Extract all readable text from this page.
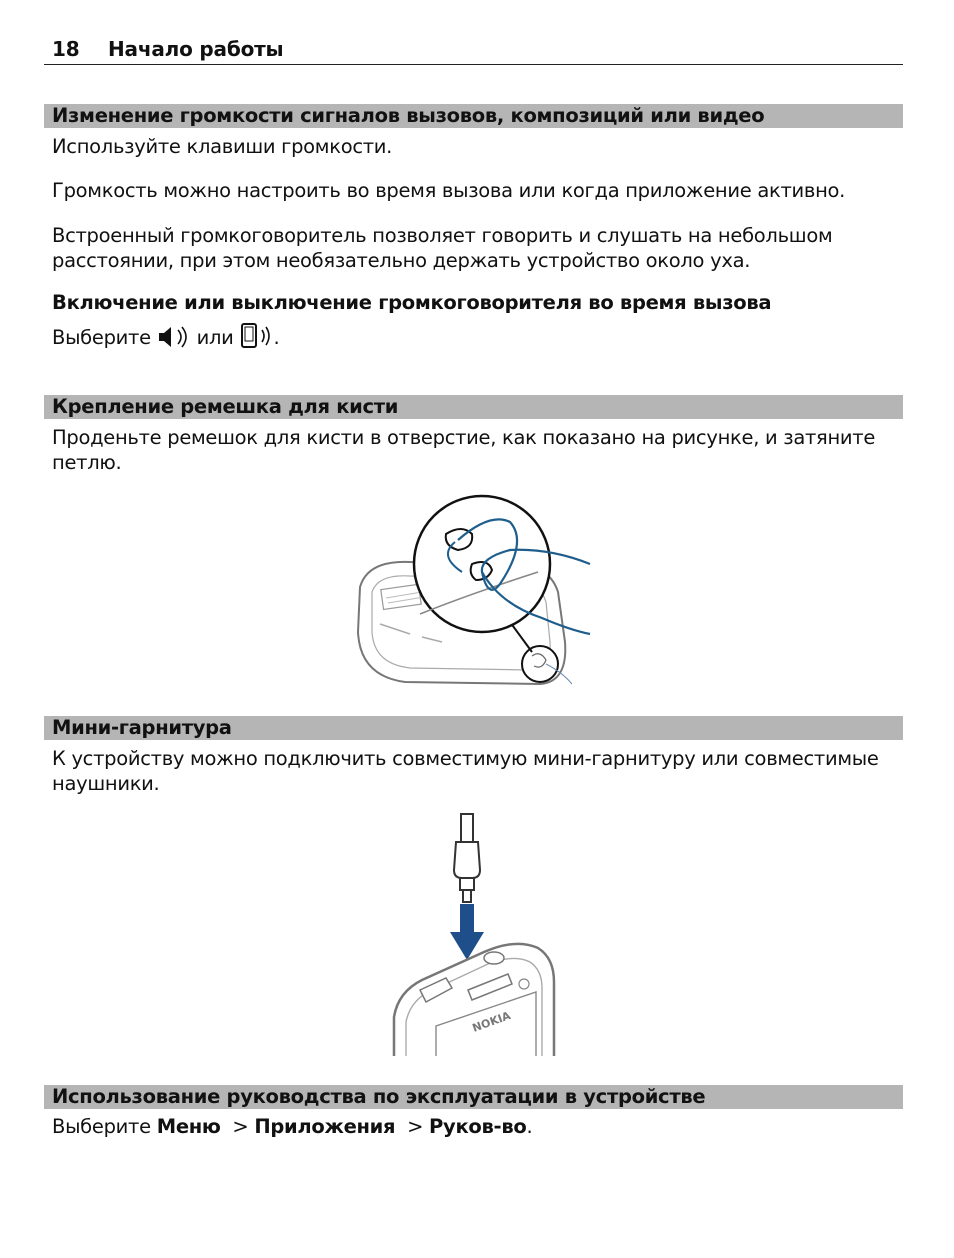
18 Начало работы
Изменение громкости сигналов вызовов, композиций или видео
Используйте клавиши громкости.
Громкость можно настроить во время вызова или когда приложение активно.
Встроенный громкоговоритель позволяет говорить и слушать на небольшом расстоянии, при этом необязательно держать устройство около уха.
Включение или выключение громкоговорителя во время вызова
Выберите или .
Крепление ремешка для кисти
Проденьте ремешок для кисти в отверстие, как показано на рисунке, и затяните петлю.
Мини-гарнитура
К устройству можно подключить совместимую мини-гарнитуру или совместимые наушники.
NOKIA
Использование руководства по эксплуатации в устройстве
Выберите Меню > Приложения > Руков-во.
